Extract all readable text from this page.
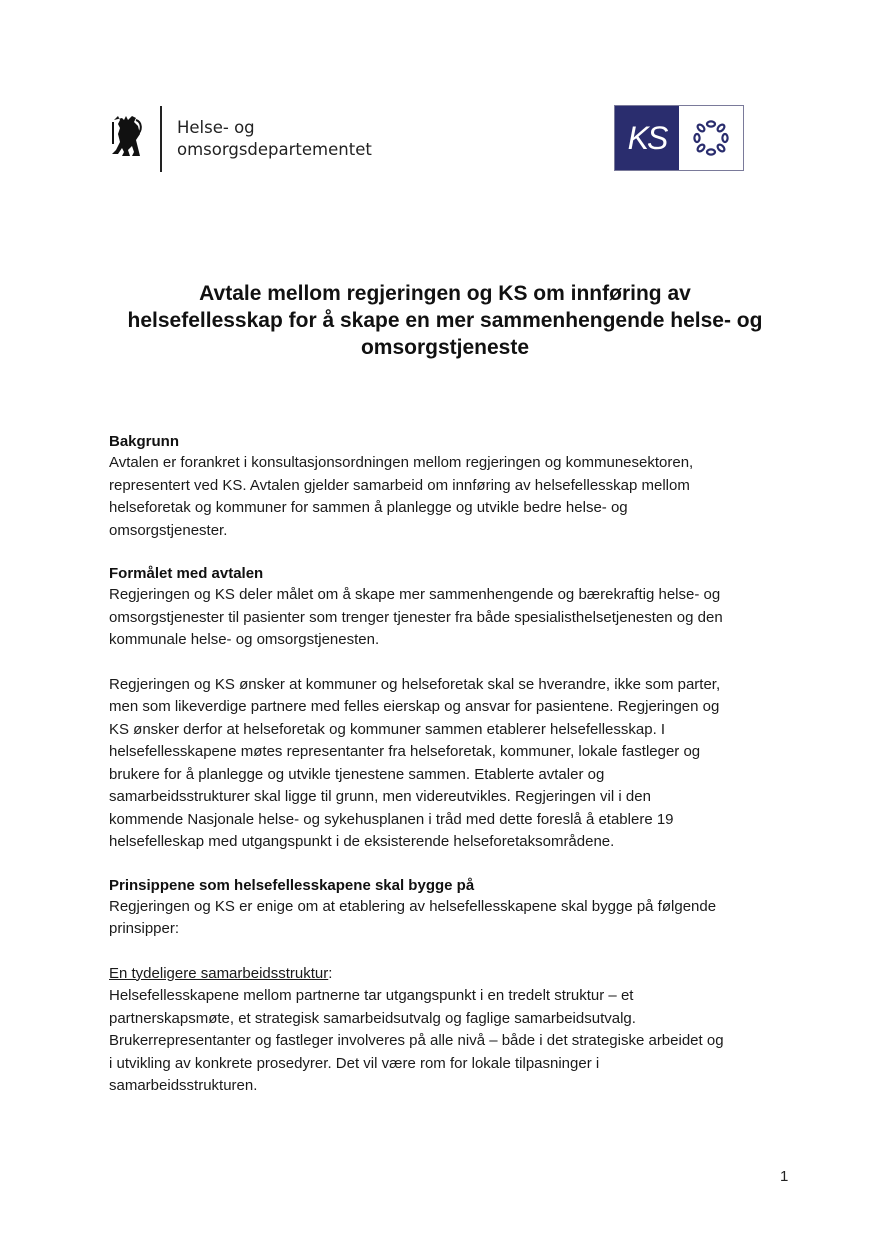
Helse- og
omsorgsdepartementet	KS
Avtale mellom regjeringen og KS om innføring av
helsefellesskap for å skape en mer sammenhengende helse- og
omsorgstjeneste
Bakgrunn
Avtalen er forankret i konsultasjonsordningen mellom regjeringen og kommunesektoren,
representert ved KS. Avtalen gjelder samarbeid om innføring av helsefellesskap mellom
helseforetak og kommuner for sammen å planlegge og utvikle bedre helse- og
omsorgstjenester.
Formålet med avtalen
Regjeringen og KS deler målet om å skape mer sammenhengende og bærekraftig helse- og
omsorgstjenester til pasienter som trenger tjenester fra både spesialisthelsetjenesten og den
kommunale helse- og omsorgstjenesten.
Regjeringen og KS ønsker at kommuner og helseforetak skal se hverandre, ikke som parter,
men som likeverdige partnere med felles eierskap og ansvar for pasientene. Regjeringen og
KS ønsker derfor at helseforetak og kommuner sammen etablerer helsefellesskap. I
helsefellesskapene møtes representanter fra helseforetak, kommuner, lokale fastleger og
brukere for å planlegge og utvikle tjenestene sammen. Etablerte avtaler og
samarbeidsstrukturer skal ligge til grunn, men videreutvikles. Regjeringen vil i den
kommende Nasjonale helse- og sykehusplanen i tråd med dette foreslå å etablere 19
helsefelleskap med utgangspunkt i de eksisterende helseforetaksområdene.
Prinsippene som helsefellesskapene skal bygge på
Regjeringen og KS er enige om at etablering av helsefellesskapene skal bygge på følgende
prinsipper:
En tydeligere samarbeidsstruktur:
Helsefellesskapene mellom partnerne tar utgangspunkt i en tredelt struktur – et
partnerskapsmøte, et strategisk samarbeidsutvalg og faglige samarbeidsutvalg.
Brukerrepresentanter og fastleger involveres på alle nivå – både i det strategiske arbeidet og
i utvikling av konkrete prosedyrer. Det vil være rom for lokale tilpasninger i
samarbeidsstrukturen.
1
